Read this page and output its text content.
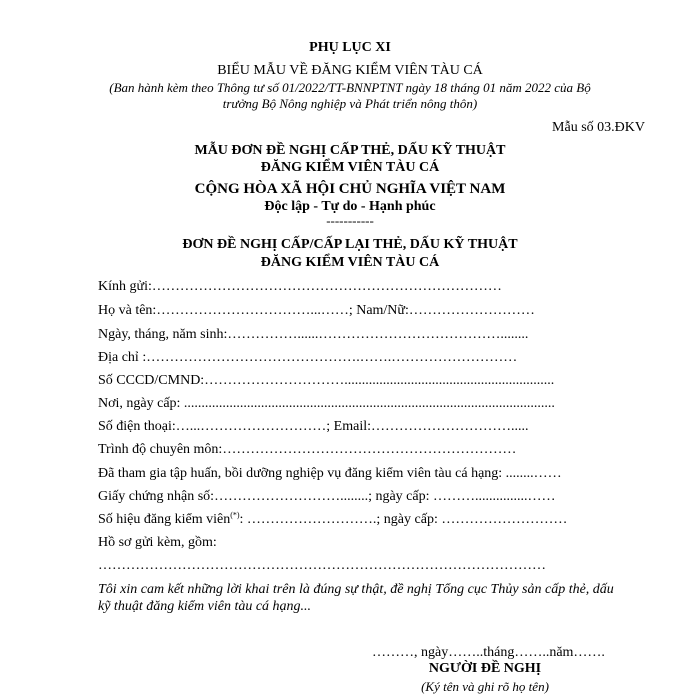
PHỤ LỤC XI
BIỂU MẪU VỀ ĐĂNG KIỂM VIÊN TÀU CÁ
(Ban hành kèm theo Thông tư số 01/2022/TT-BNNPTNT ngày 18 tháng 01 năm 2022 của Bộ
trưởng Bộ Nông nghiệp và Phát triển nông thôn)
Mẫu số 03.ĐKV
MẪU ĐƠN ĐỀ NGHỊ CẤP THẺ, DẤU KỸ THUẬT
ĐĂNG KIỂM VIÊN TÀU CÁ
CỘNG HÒA XÃ HỘI CHỦ NGHĨA VIỆT NAM
Độc lập - Tự do - Hạnh phúc
-----------
ĐƠN ĐỀ NGHỊ CẤP/CẤP LẠI THẺ, DẤU KỸ THUẬT
ĐĂNG KIỂM VIÊN TÀU CÁ
Kính gửi:…………………………………………………………………
Họ và tên:……………………………...……; Nam/Nữ:………………………
Ngày, tháng, năm sinh:……………......…………………………………........
Địa chỉ :……………………………………….…….………………………
Số CCCD/CMND:…………………………............................................................
Nơi, ngày cấp: ..........................................................................................................
Số điện thoại:…...………………………; Email:………………………….....
Trình độ chuyên môn:………………………………………………………
Đã tham gia tập huấn, bồi dưỡng nghiệp vụ đăng kiểm viên tàu cá hạng: ........……
Giấy chứng nhận số:………………………........; ngày cấp: ………...............……
Số hiệu đăng kiểm viên(*): ……………………….; ngày cấp: ………………………
Hồ sơ gửi kèm, gồm:
……………………………………………………………………………………
Tôi xin cam kết những lời khai trên là đúng sự thật, đề nghị Tổng cục Thủy sản cấp thẻ, dấu
kỹ thuật đăng kiểm viên tàu cá hạng...
………, ngày……..tháng……..năm…….
NGƯỜI ĐỀ NGHỊ
(Ký tên và ghi rõ họ tên)
